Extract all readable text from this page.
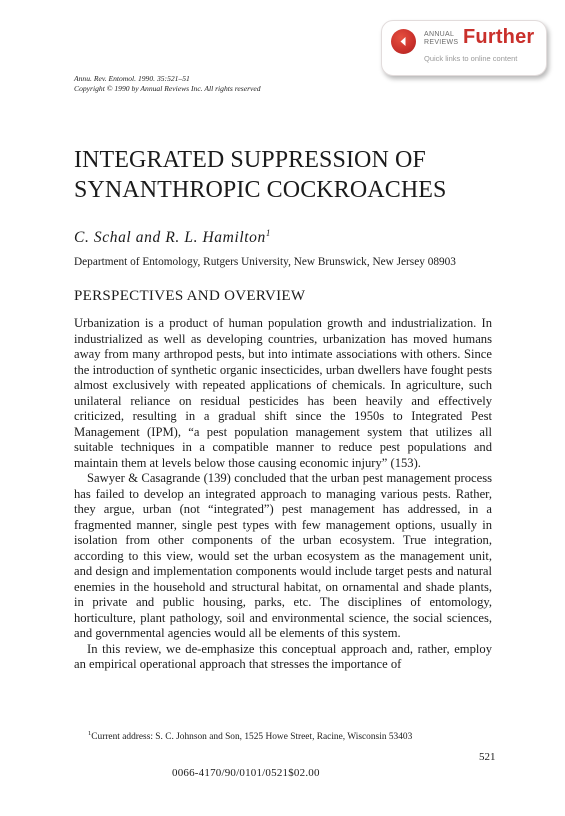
ANNUAL
REVIEWS Further
Quick links to online content
Annu. Rev. Entomol. 1990. 35:521–51
Copyright © 1990 by Annual Reviews Inc. All rights reserved
INTEGRATED SUPPRESSION OF
SYNANTHROPIC COCKROACHES
C. Schal and R. L. Hamilton$^1$
Department of Entomology, Rutgers University, New Brunswick, New Jersey 08903
PERSPECTIVES AND OVERVIEW

Urbanization is a product of human population growth and industrialization. In industrialized as well as developing countries, urbanization has moved humans away from many arthropod pests, but into intimate associations with others. Since the introduction of synthetic organic insecticides, urban dwellers have fought pests almost exclusively with repeated applications of chemicals. In agriculture, such unilateral reliance on residual pesticides has been heavily and effectively criticized, resulting in a gradual shift since the 1950s to Integrated Pest Management (IPM), “a pest population management system that utilizes all suitable techniques in a compatible manner to reduce pest populations and maintain them at levels below those causing economic injury” (153).

Sawyer & Casagrande (139) concluded that the urban pest management process has failed to develop an integrated approach to managing various pests. Rather, they argue, urban (not “integrated”) pest management has addressed, in a fragmented manner, single pest types with few management options, usually in isolation from other components of the urban ecosystem. True integration, according to this view, would set the urban ecosystem as the management unit, and design and implementation components would include target pests and natural enemies in the household and structural habitat, on ornamental and shade plants, in private and public housing, parks, etc. The disciplines of entomology, horticulture, plant pathology, soil and environmental science, the social sciences, and governmental agencies would all be elements of this system.

In this review, we de-emphasize this conceptual approach and, rather, employ an empirical operational approach that stresses the importance of

$^1$Current address: S. C. Johnson and Son, 1525 Howe Street, Racine, Wisconsin 53403
521
0066-4170/90/0101/0521$02.00
